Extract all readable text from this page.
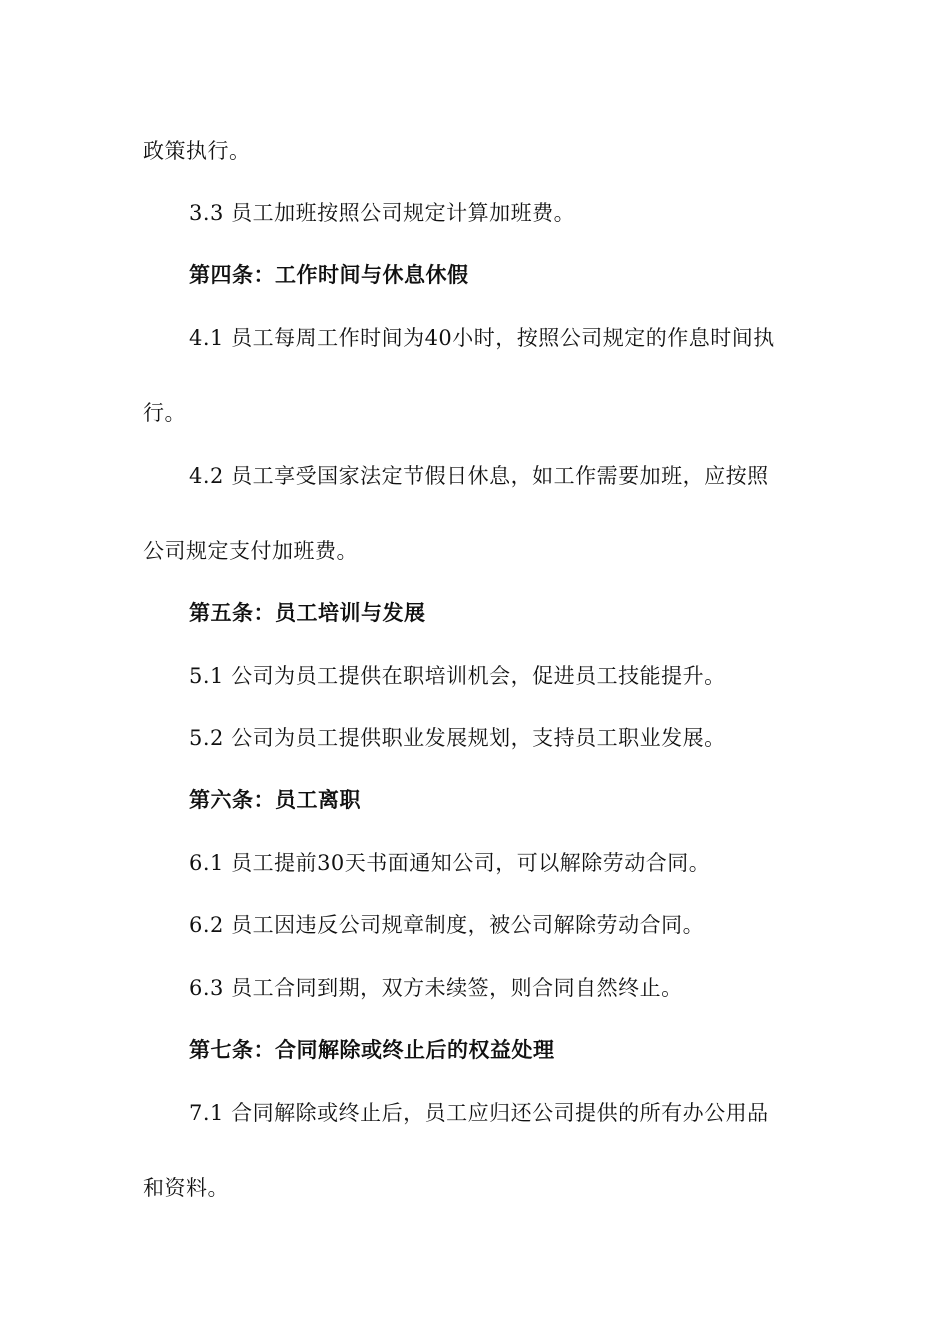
政策执行。
3.3 员工加班按照公司规定计算加班费。
第四条：工作时间与休息休假
4.1 员工每周工作时间为40小时，按照公司规定的作息时间执
行。
4.2 员工享受国家法定节假日休息，如工作需要加班，应按照
公司规定支付加班费。
第五条：员工培训与发展
5.1 公司为员工提供在职培训机会，促进员工技能提升。
5.2 公司为员工提供职业发展规划，支持员工职业发展。
第六条：员工离职
6.1 员工提前30天书面通知公司，可以解除劳动合同。
6.2 员工因违反公司规章制度，被公司解除劳动合同。
6.3 员工合同到期，双方未续签，则合同自然终止。
第七条：合同解除或终止后的权益处理
7.1 合同解除或终止后，员工应归还公司提供的所有办公用品
和资料。
